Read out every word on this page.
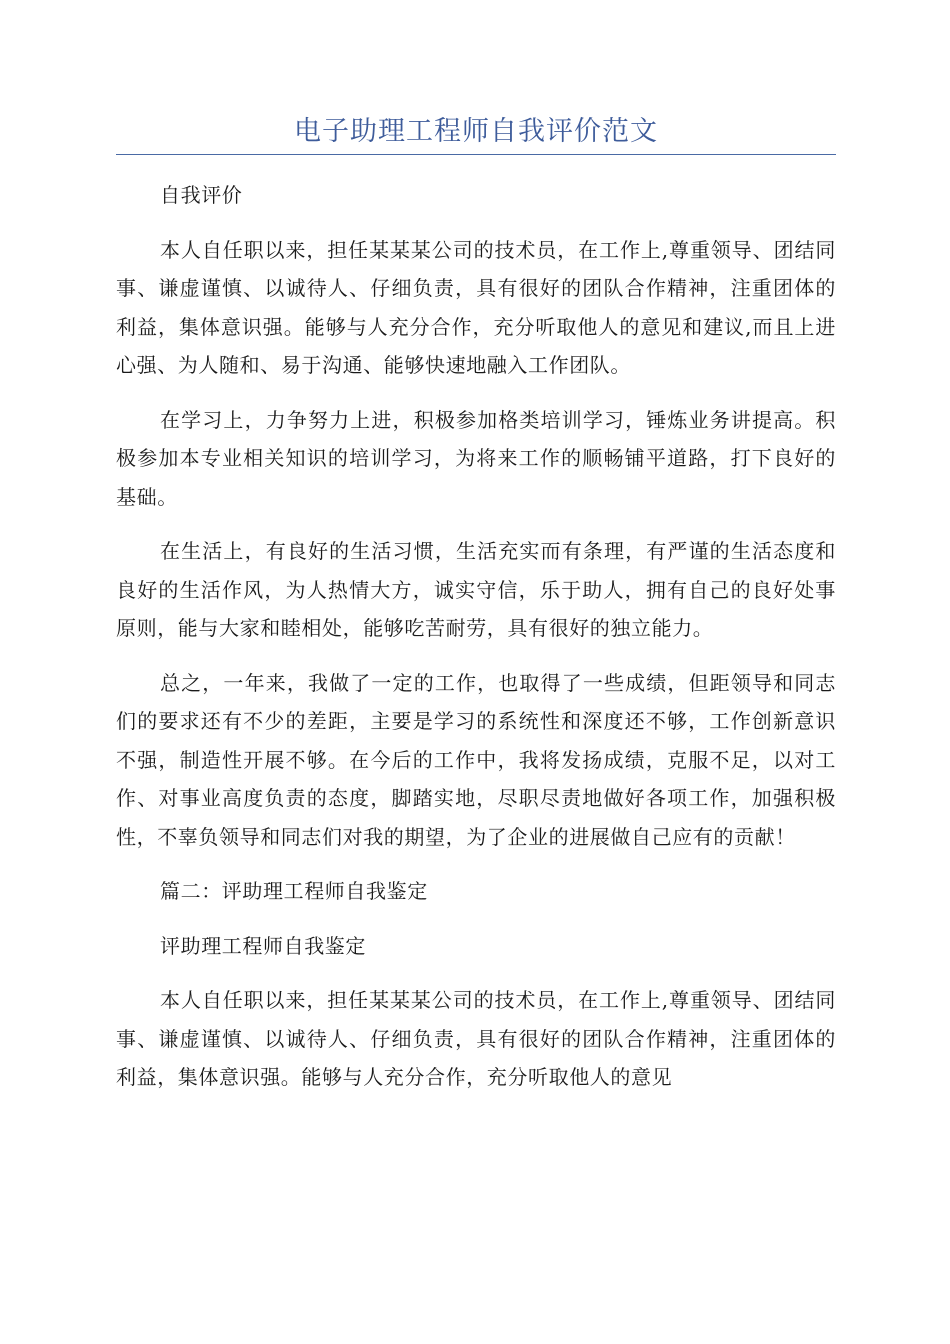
电子助理工程师自我评价范文

自我评价

本人自任职以来，担任某某某公司的技术员，在工作上,尊重领导、团结同事、谦虚谨慎、以诚待人、仔细负责，具有很好的团队合作精神，注重团体的利益，集体意识强。能够与人充分合作，充分听取他人的意见和建议,而且上进心强、为人随和、易于沟通、能够快速地融入工作团队。

在学习上，力争努力上进，积极参加格类培训学习，锤炼业务讲提高。积极参加本专业相关知识的培训学习，为将来工作的顺畅铺平道路，打下良好的基础。

在生活上，有良好的生活习惯，生活充实而有条理，有严谨的生活态度和良好的生活作风，为人热情大方，诚实守信，乐于助人，拥有自己的良好处事原则，能与大家和睦相处，能够吃苦耐劳，具有很好的独立能力。

总之，一年来，我做了一定的工作，也取得了一些成绩，但距领导和同志们的要求还有不少的差距，主要是学习的系统性和深度还不够，工作创新意识不强，制造性开展不够。在今后的工作中，我将发扬成绩，克服不足，以对工作、对事业高度负责的态度，脚踏实地，尽职尽责地做好各项工作，加强积极性，不辜负领导和同志们对我的期望，为了企业的进展做自己应有的贡献！

篇二：评助理工程师自我鉴定

评助理工程师自我鉴定

本人自任职以来，担任某某某公司的技术员，在工作上,尊重领导、团结同事、谦虚谨慎、以诚待人、仔细负责，具有很好的团队合作精神，注重团体的利益，集体意识强。能够与人充分合作，充分听取他人的意见
